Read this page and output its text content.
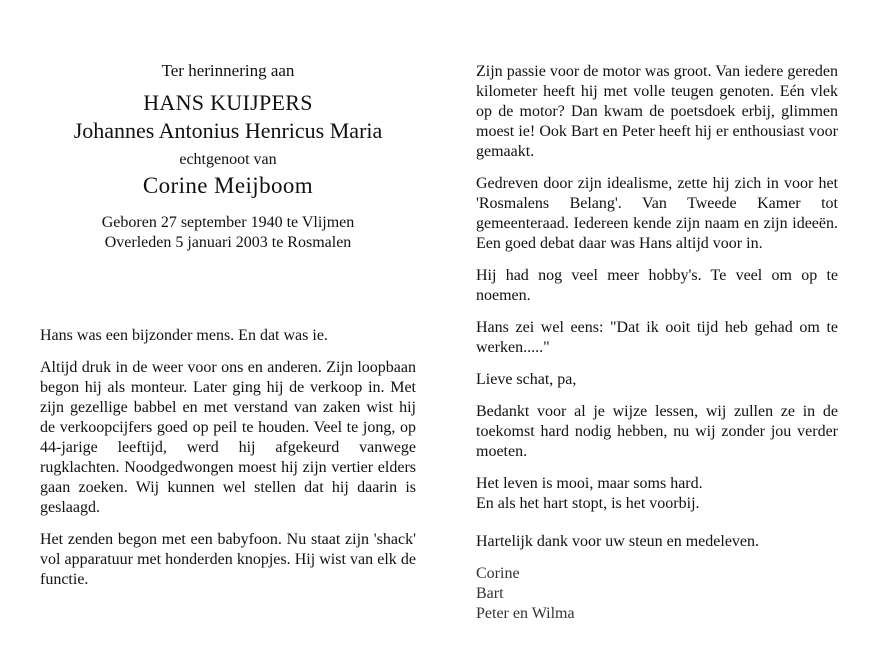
Ter herinnering aan

HANS KUIJPERS

Johannes Antonius Henricus Maria

echtgenoot van

Corine Meijboom

Geboren 27 september 1940 te Vlijmen

Overleden 5 januari 2003 te Rosmalen

Hans was een bijzonder mens. En dat was ie.

Altijd druk in de weer voor ons en anderen. Zijn loopbaan begon hij als monteur. Later ging hij de verkoop in. Met zijn gezellige babbel en met verstand van zaken wist hij de verkoopcijfers goed op peil te houden. Veel te jong, op 44-jarige leeftijd, werd hij afgekeurd vanwege rugklachten. Noodgedwongen moest hij zijn vertier elders gaan zoeken. Wij kunnen wel stellen dat hij daarin is geslaagd.

Het zenden begon met een babyfoon. Nu staat zijn 'shack' vol apparatuur met honderden knopjes. Hij wist van elk de functie.

Zijn passie voor de motor was groot. Van iedere gereden kilometer heeft hij met volle teugen genoten. Eén vlek op de motor? Dan kwam de poetsdoek erbij, glimmen moest ie! Ook Bart en Peter heeft hij er enthousiast voor gemaakt.

Gedreven door zijn idealisme, zette hij zich in voor het 'Rosmalens Belang'. Van Tweede Kamer tot gemeenteraad. Iedereen kende zijn naam en zijn ideeën. Een goed debat daar was Hans altijd voor in.

Hij had nog veel meer hobby's. Te veel om op te noemen.

Hans zei wel eens: "Dat ik ooit tijd heb gehad om te werken....."

Lieve schat, pa,

Bedankt voor al je wijze lessen, wij zullen ze in de toekomst hard nodig hebben, nu wij zonder jou verder moeten.

Het leven is mooi, maar soms hard.
En als het hart stopt, is het voorbij.

Hartelijk dank voor uw steun en medeleven.

Corine
Bart
Peter en Wilma
